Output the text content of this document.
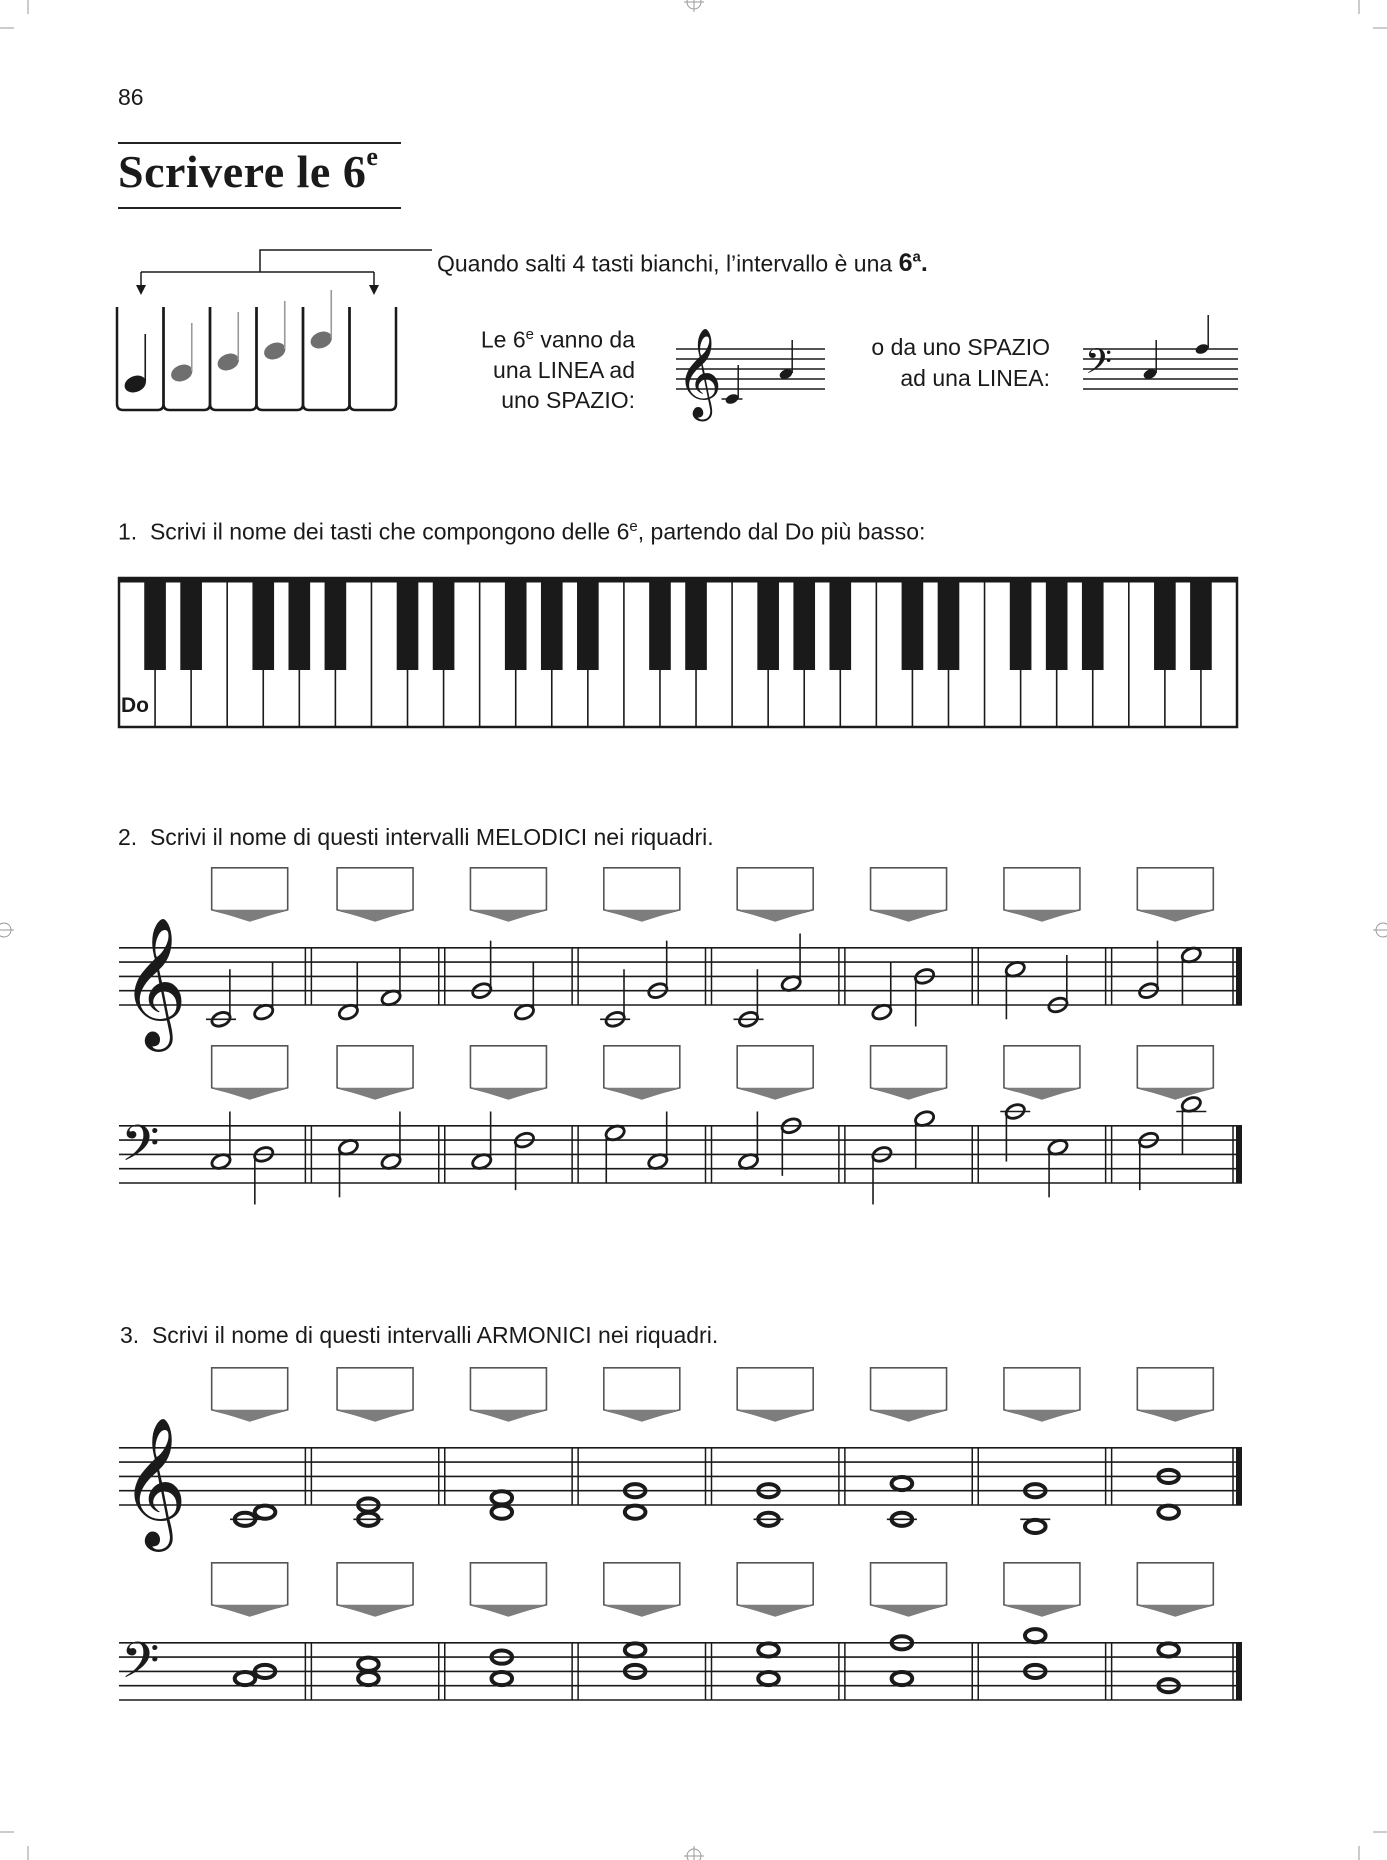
86
Scrivere le 6e
Quando salti 4 tasti bianchi, l’intervallo è una 6$^a$.
Le 6e vanno da
una LINEA ad
uno SPAZIO:
o da uno SPAZIO
ad una LINEA:
1. Scrivi il nome dei tasti che compongono delle 6e, partendo dal Do più basso:
2. Scrivi il nome di questi intervalli MELODICI nei riquadri.
3. Scrivi il nome di questi intervalli ARMONICI nei riquadri.
𝄞	𝄢
𝄞
𝄢
𝄞
𝄢
Do
